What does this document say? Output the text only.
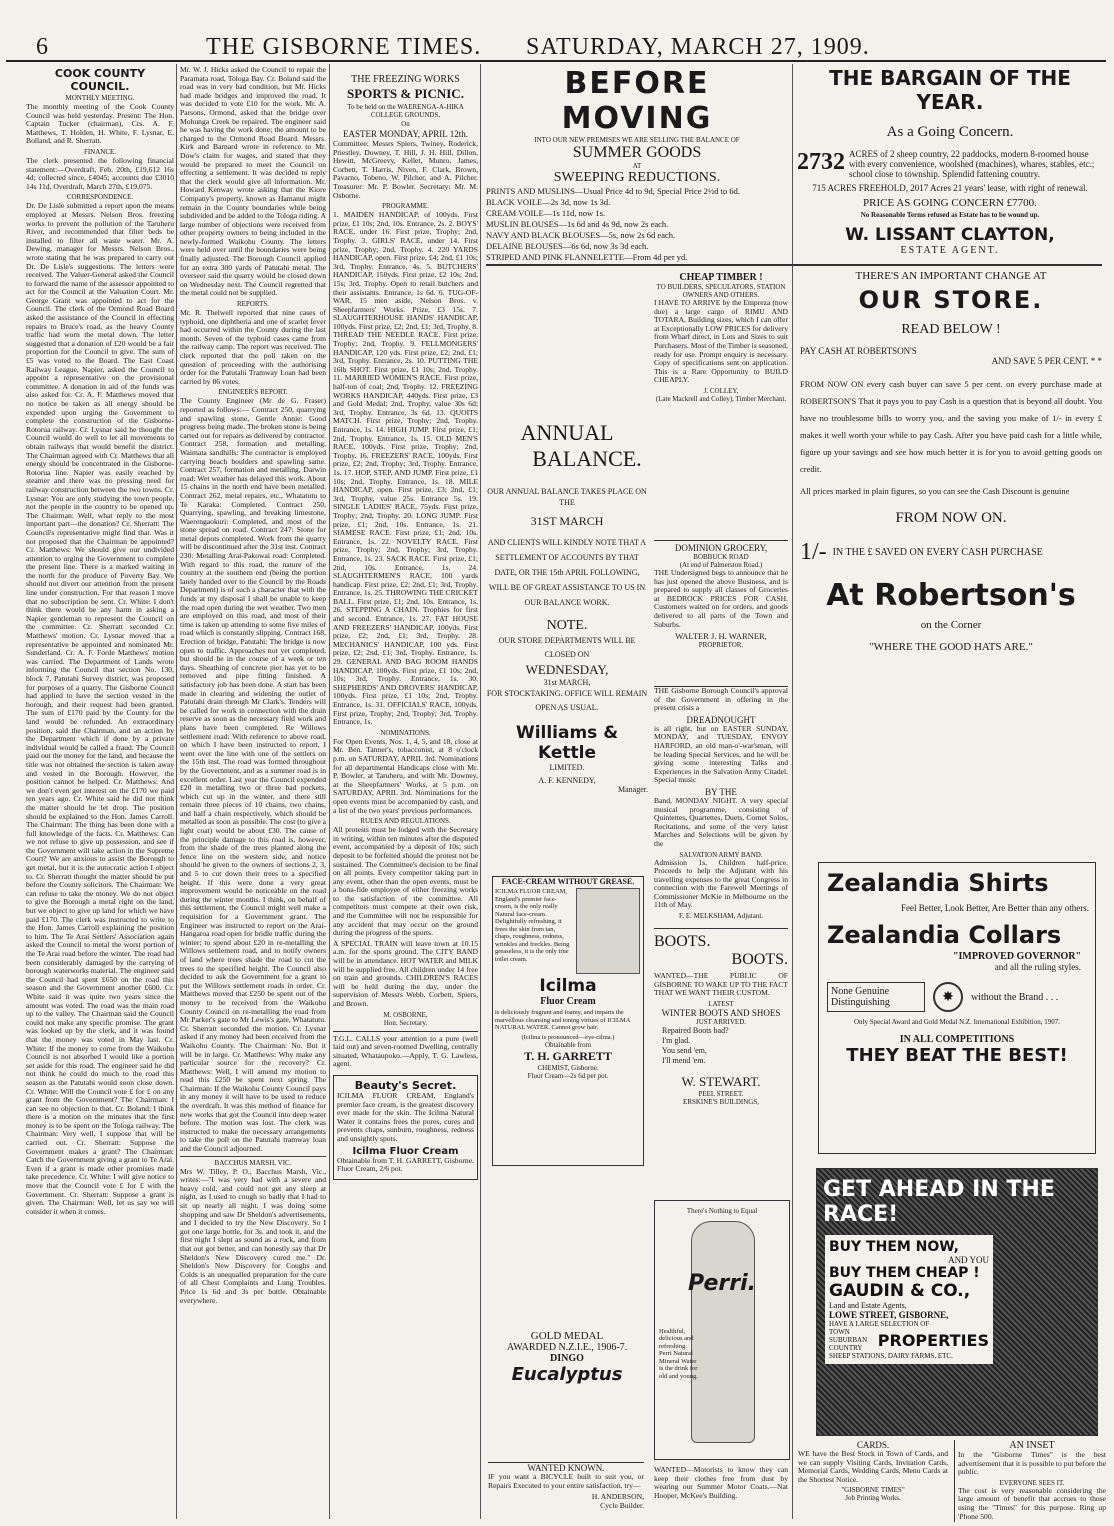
6	THE GISBORNE TIMES. SATURDAY, MARCH 27, 1909.
COOK COUNTY COUNCIL.
MONTHLY MEETING.

The monthly meeting of the Cook County Council was held yesterday. Present: The Hon. Captain Tucker (chairman), Crs. A. F. Matthews, T. Holden, H. White, F. Lysnar, E. Bolland, and R. Sherratt.

FINANCE.

The clerk presented the following financial statement:—Overdraft, Feb. 20th, £19,612 16s 4d; collected since, £4045; accounts due £3010 14s 11d. Overdraft, March 27th, £19,075.

CORRESPONDENCE.

Dr. De Lisle submitted a report upon the means employed at Messrs. Nelson Bros. freezing works to prevent the pollution of the Taruheru River, and recommended that filter beds be installed to filter all waste water. Mr. A. Dewing, manager for Messrs. Nelson Bros., wrote stating that he was prepared to carry out Dr. De Lisle's suggestions. The letters were received. The Valuer-General asked the Council to forward the name of the assessor appointed to act for the Council at the Valuation Court. Mr. George Grant was appointed to act for the Council. The clerk of the Ormond Road Board asked the assistance of the Council in effecting repairs to Bruce's road, as the heavy County traffic had worn the metal down. The letter suggested that a donation of £20 would be a fair proportion for the Council to give. The sum of £5 was voted to the Board. The East Coast Railway League, Napier, asked the Council to appoint a representative on the provisional committee. A donation in aid of the funds was also asked for. Cr. A. F. Matthews moved that no notice be taken as all energy should be expended upon urging the Government to complete the construction of the Gisborne-Rotorua railway. Cr. Lysnar said he thought the Council would do well to let all movements to obtain railways that would benefit the district. The Chairman agreed with Cr. Matthews that all energy should be concentrated in the Gisborne-Rotorua line. Napier was easily reached by steamer and there was no pressing need for railway construction between the two towns. Cr. Lysnar: You are only studying the town people, not the people in the country to be opened up. The Chairman: Well, what reply to the most important part—the donation? Cr. Sherratt: The Council's representative might find that. Was it not proposed that the Chairman be appointed? Cr. Matthews: We should give our undivided attention to urging the Government to complete the present line. There is a marked waiting in the north for the produce of Poverty Bay. We should not divert our attention from the present line under construction. For that reason I move that no subscription be sent. Cr. White: I don't think there would be any harm in asking a Napier gentleman to represent the Council on the committee. Cr. Sherratt seconded Cr. Matthews' motion. Cr. Lysnar moved that a representative be appointed and nominated Mr. Sunderland. Cr. A. F. Forde Matthews' motion was carried. The Department of Lands wrote informing the Council that section No. 130, block 7, Patutahi Survey district, was proposed for purposes of a quarry. The Gisborne Council had applied to have the section vested in the borough, and their request had been granted. The sum of £170 paid by the County for the land would be refunded. An extraordinary position, said the Chairman, and an action by the Department which if done by a private individual would be called a fraud. The Council paid out the money for the land, and because the title was not obtained the section is taken away and vested in the Borough. However, the position cannot be helped. Cr. Matthews: And we don't even get interest on the £170 we paid ten years ago. Cr. White said he did not think the matter should be let drop. The position should be explained to the Hon. James Carroll. The Chairman: The thing has been done with a full knowledge of the facts. Cr. Matthews: Can we not refuse to give up possession, and see if the Government will take action in the Supreme Court? We are anxious to assist the Borough to get metal, but it is the autocratic action I object to. Cr. Sherratt thought the matter should be put before the County solicitors. The Chairman: We can refuse to take the money. We do not object to give the Borough a metal right on the land, but we object to give up land for which we have paid £170. The clerk was instructed to write to the Hon. James Carroll explaining the position to him. The Te Arai Settlers' Association again asked the Council to metal the worst portion of the Te Arai road before the winter. The road had been considerably damaged by the carrying of borough waterworks material. The engineer said the Council had spent £650 on the road this season and the Government another £600. Cr. White said it was quite two years since the amount was voted. The road was the main road up to the valley. The Chairman said the Council could not make any specific promise. The grant was looked up by the clerk, and it was found that the money was voted in May last. Cr. White: If the money to come from the Waikohu Council is not absorbed I would like a portion set aside for this road. The engineer said he did not think he could do much to the road this season as the Patutahi would soon close down. Cr. White: Will the Council vote £ for £ on any grant from the Government? The Chairman: I can see no objection to that. Cr. Boland: I think there is a motion on the minutes that the first money is to be spent on the Tologa railway. The Chairman: Very well, I suppose that will be carried out. Cr. Sherratt: Suppose the Government makes a grant? The Chairman: Catch the Government giving a grant to Te Arai. Even if a grant is made other promises made take precedence. Cr. White: I will give notice to move that the Council vote £ for £ with the Government. Cr. Sherratt: Suppose a grant is given. The Chairman: Well, let us say we will consider it when it comes.

Mr. W. J. Hicks asked the Council to repair the Paramata road, Tologa Bay. Cr. Boland said the road was in very bad condition, but Mr. Hicks had made bridges and improved the road. It was decided to vote £10 for the work. Mr. A. Parsons, Ormond, asked that the bridge over Mohunga Creek be repaired. The engineer said he was having the work done; the amount to be charged to the Ormond Road Board. Messrs. Kirk and Barnard wrote in reference to Mr. Dow's claim for wages, and stated that they would be prepared to meet the Council on effecting a settlement. It was decided to reply that the clerk would give all information. Mr. Howard Kenway wrote asking that the Kiore Company's property, known as Hamanui might remain in the County boundaries while being subdivided and be added to the Tologa riding. A large number of objections were received from other property owners to being included in the newly-formed Waikohu County. The letters were held over until the boundaries were being finally adjusted. The Borough Council applied for an extra 300 yards of Patutahi metal. The overseer said the quarry would be closed down on Wednesday next. The Council regretted that the metal could not be supplied.

REPORTS.

Mr. R. Thelwell reported that nine cases of typhoid, one diphtheria and one of scarlet fever had occurred within the County during the last month. Seven of the typhoid cases came from the railway camp. The report was received. The clerk reported that the poll taken on the question of proceeding with the authorising order for the Patutahi Tramway Loan had been carried by 86 votes.

ENGINEER'S REPORT.

The County Engineer (Mr de G. Fraser) reported as follows:— Contract 250, quarrying and spawling stone, Gentle Annie: Good progress being made. The broken stone is being carted out for repairs as delivered by contractor. Contract 258, formation and metalling, Waimata sandhills: The contractor is employed carrying beach boulders and spawling same. Contract 257, formation and metalling, Darwin road: Wet weather has delayed this work. About 15 chains in the north end have been metalled. Contract 262, metal repairs, etc., Whatatutu to Te Karaka: Completed. Contract 250, Quarrying, spawling, and breaking limestone, Waerengaokuri: Completed, and most of the stone spread on road. Contract 247: Stone for metal depots completed. Work from the quarry will be discontinued after the 31st inst. Contract 230: Metalling Arai-Pakowai road: Completed. With regard to this road, the nature of the country at the southern end (being the portion lately handed over to the Council by the Roads Department) is of such a character that with the funds at my disposal I shall be unable to keep the road open during the wet weather. Two men are employed on this road, and most of their time is taken up attending to some five miles of road which is constantly slipping. Contract 168, Erection of bridge, Patutahi: The bridge is now open to traffic. Approaches not yet completed, but should be in the course of a week or ten days. Sheathing of concrete pier has yet to be removed and pipe fitting finished. A satisfactory job has been done. A start has been made in clearing and widening the outlet of Patutahi drain through Mr Clark's. Tenders will be called for work in connection with the drain reserve as soon as the necessary field work and plans have been completed. Re Willows settlement road: With reference to above road, on which I have been instructed to report, I went over the line with one of the settlers on the 15th inst. The road was formed throughout by the Government, and as a summer road is in excellent order. Last year the Council expended £20 in metalling two or three bad pockets, which cut up in the winter, and there still remain three pieces of 10 chains, two chains, and half a chain respectively, which should be metalled as soon as possible. The cost (to give a light coat) would be about £30. The cause of the principle damage to this road is, however, from the shade of the trees planted along the fence line on the western side, and notice should be given to the owners of sections 2, 3, and 5 to cut down their trees to a specified height. If this were done a very great improvement would be noticeable on the road during the winter months. I think, on behalf of this settlement, the Council might well make a requisition for a Government grant. The Engineer was instructed to report on the Arai-Hangaroa road open for bridle traffic during the winter; to spend about £20 in re-metalling the Willows settlement road, and to notify owners of land where trees shade the road to cut the trees to the specified height. The Council also decided to ask the Government for a grant to put the Willows settlement roads in order. Cr. Matthews moved that £250 be spent out of the money to be received from the Waikohu County Council on re-metalling the road from Mr Parker's gate to Mr Lewis's gate, Whatatutu. Cr. Sherratt seconded the motion. Cr. Lysnar asked if any money had been received from the Waikohu County. The Chairman: No. But it will be in large. Cr. Matthews: Why make any particular source for the recovery? Cr. Matthews: Well, I will amend my motion to read this £250 be spent next spring. The Chairman: If the Waikohu County Council pays in any money it will have to be used to reduce the overdraft. It was this method of finance for new works that got the Council into deep water before. The motion was lost. The clerk was instructed to make the necessary arrangements to take the poll on the Patutahi tramway loan and the Council adjourned.

BACCHUS MARSH, VIC.

Mrs W. Tilley, P. O., Bacchus Marsh, Vic., writes:—"I was very bad with a severe and heavy cold, and could not get any sleep at night, as I used to cough so badly that I had to sit up nearly all night. I was doing some shopping and saw Dr Sheldon's advertisements, and I decided to try the New Discovery. So I got one large bottle, for 3s. and took it, and the first night I slept as sound as a rock, and from that out got better, and can honestly say that Dr Sheldon's New Discovery cured me." Dr. Sheldon's New Discovery for Coughs and Colds is an unequalled preparation for the cure of all Chest Complaints and Lung Troubles. Price 1s 6d and 3s per bottle. Obtainable everywhere.

THE FREEZING WORKS
SPORTS & PICNIC.
To be held on the WAERENGA-A-HIKA COLLEGE GROUNDS,
On
EASTER MONDAY, APRIL 12th.

Committee: Messrs Spiers, Twiney, Roderick, Priestley, Downey, T. Hill, J. H. Hill, Dillon, Hewitt, McGreevy, Kellet, Munro, James, Corbett, T. Harris, Niven, F. Clark, Brown, Pavarno, Tobeno, W. Pilcher, and A. Pilcher. Treasurer: Mr. P. Bowler. Secretary: Mr. M. Osborne.

PROGRAMME.

1. MAIDEN HANDICAP, of 100yds. First prize, £1 10s; 2nd, 10s. Entrance, 2s. 2. BOYS' RACE, under 16. First prize, Trophy; 2nd, Trophy. 3. GIRLS' RACE, under 14. First prize, Trophy; 2nd, Trophy. 4. 220 YARDS HANDICAP, open. First prize, £4; 2nd, £1 10s; 3rd, Trophy. Entrance, 4s. 5. BUTCHERS' HANDICAP, 150yds. First prize, £2 10s; 2nd, 15s; 3rd, Trophy. Open to retail butchers and their assistants. Entrance, 1s 6d. 6. TUG-OF-WAR, 15 men aside, Nelson Bros. v. Sheepfarmers' Works. Prize, £3 15s. 7. SLAUGHTERHOUSE HANDS' HANDICAP, 100yds. First prize, £2; 2nd, £1; 3rd, Trophy. 8. THREAD THE NEEDLE RACE. First prize, Trophy; 2nd, Trophy. 9. FELLMONGERS' HANDICAP, 120 yds. First prize, £2; 2nd, £1; 3rd, Trophy. Entrance, 2s. 10. PUTTING THE 16lb SHOT. First prize, £1 10s; 2nd, Trophy. 11. MARRIED WOMEN'S RACE. First prize, half-ton of coal; 2nd, Trophy. 12. FREEZING WORKS HANDICAP, 440yds. First prize, £3 and Gold Medal; 2nd, Trophy, value 30s 6d; 3rd, Trophy. Entrance, 3s 6d. 13. QUOITS MATCH. First prize, Trophy; 2nd, Trophy. Entrance, 1s. 14. HIGH JUMP. First prize, £1; 2nd, Trophy. Entrance, 1s. 15. OLD MEN'S RACE, 100yds. First prize, Trophy; 2nd, Trophy. 16. FREEZERS' RACE, 100yds. First prize, £2; 2nd, Trophy; 3rd, Trophy. Entrance, 1s. 17. HOP, STEP, AND JUMP. First prize, £1 10s; 2nd, Trophy. Entrance, 1s. 18. MILE HANDICAP, open. First prize, £3; 2nd, £1; 3rd, Trophy, value 25s. Entrance 5s. 19. SINGLE LADIES' RACE, 75yds. First prize, Trophy; 2nd, Trophy. 20. LONG JUMP. First prize, £1; 2nd, 10s. Entrance, 1s. 21. SIAMESE RACE. First prize, £1; 2nd, 10s. Entrance, 1s. 22. NOVELTY RACE. First prize, Trophy; 2nd, Trophy; 3rd, Trophy. Entrance, 1s. 23. SACK RACE. First prize, £1; 2nd, 10s. Entrance, 1s. 24. SLAUGHTERMEN'S RACE, 100 yards handicap. First prize, £2; 2nd, £1; 3rd, Trophy. Entrance, 1s. 25. THROWING THE CRICKET BALL. First prize, £1; 2nd, 10s. Entrance, 1s. 26. STEPPING A CHAIN. Trophies for first and second. Entrance, 1s. 27. FAT HOUSE AND FREEZERS' HANDICAP, 100yds. First prize, £2; 2nd, £1; 3rd, Trophy. 28. MECHANICS' HANDICAP, 100 yds. First prize, £2; 2nd, £1; 3rd, Trophy. Entrance, 1s. 29. GENERAL AND BAG ROOM HANDS HANDICAP, 100yds. First prize, £1 10s; 2nd, 10s; 3rd, Trophy. Entrance, 1s. 30. SHEPHERDS' AND DROVERS' HANDICAP, 100yds. First prize, £1 10s; 2nd, Trophy. Entrance, 1s. 31. OFFICIALS' RACE, 100yds. First prize, Trophy; 2nd, Trophy; 3rd, Trophy. Entrance, 1s.

NOMINATIONS.

For Open Events, Nos. 1, 4, 5, and 18, close at Mr. Ben. Tanner's, tobacconist, at 8 o'clock p.m. on SATURDAY, APRIL 3rd. Nominations for all departmental Handicaps close with Mr. P. Bowler, at Taruheru, and with Mr. Downey, at the Sheepfarmers' Works, at 5 p.m. on SATURDAY, APRIL 3rd. Nominations for the open events must be accompanied by cash, and a list of the two years' previous performances.

RULES AND REGULATIONS.

All protests must be lodged with the Secretary in writing, within ten minutes after the disputed event, accompanied by a deposit of 10s; such deposit to be forfeited should the protest not be sustained. The Committee's decision to be final on all points. Every competitor taking part in any event, other than the open events, must be a bona-fide employee of either freezing works to the satisfaction of the committee. All competitors must compete at their own risk, and the Committee will not be responsible for any accident that may occur on the ground during the progress of the sports.

A SPECIAL TRAIN will leave town at 10.15 a.m. for the sports ground. The CITY BAND will be in attendance. HOT WATER and MILK will be supplied free. All children under 14 free on train and grounds. CHILDREN'S RACES will be held during the day, under the supervision of Messrs Webb, Corbett, Spiers, and Brown.

M. OSBORNE,
Hon. Secretary.

T.G.L. CALLS your attention to a pure (well laid out) and seven-roomed Dwelling, centrally situated, Whataupoko.—Apply, T. G. Lawless, agent.

Beauty's Secret.

ICILMA FLUOR CREAM, England's premier face cream, is the greatest discovery ever made for the skin. The Icilma Natural Water it contains frees the pores, cures and prevents chaps, sunburn, roughness, redness and unsightly spots.

Icilma Fluor Cream

Obtainable from T. H. GARRETT, Gisborne. Fluor Cream, 2/6 pot.

BEFORE MOVING
INTO OUR NEW PREMISES WE ARE SELLING THE BALANCE OF
SUMMER GOODS
AT
SWEEPING REDUCTIONS.
PRINTS AND MUSLINS—Usual Price 4d to 9d, Special Price 2½d to 6d.
BLACK VOILE—2s 3d, now 1s 3d.
CREAM VOILE—1s 11d, now 1s.
MUSLIN BLOUSES—1s 6d and 4s 9d, now 2s each.
NAVY AND BLACK BLOUSES—5s, now 2s 6d each.
DELAINE BLOUSES—6s 6d, now 3s 3d each.
STRIPED AND PINK FLANNELETTE—From 4d per yd.
THE BARGAIN OF THE YEAR.
As a Going Concern.
2732 ACRES of 2 sheep country, 22 paddocks, modern 8-roomed house with every convenience, woolshed (machines), whares, stables, etc.; school close to township. Splendid fattening country.
715 ACRES FREEHOLD, 2017 Acres 21 years' lease, with right of renewal.
PRICE AS GOING CONCERN £7700.
No Reasonable Terms refused as Estate has to be wound up.
W. LISSANT CLAYTON,
ESTATE AGENT.
ANNUAL
BALANCE.
OUR ANNUAL BALANCE TAKES PLACE ON THE
31ST MARCH
AND CLIENTS WILL KINDLY NOTE THAT A SETTLEMENT OF ACCOUNTS BY THAT DATE, OR THE 15th APRIL FOLLOWING, WILL BE OF GREAT ASSISTANCE TO US IN OUR BALANCE WORK.
NOTE.
OUR STORE DEPARTMENTS WILL BE CLOSED ON
WEDNESDAY,
31st MARCH,
FOR STOCKTAKING. OFFICE WILL REMAIN OPEN AS USUAL.
Williams & Kettle
LIMITED.
A. F. KENNEDY,
Manager.
FACE-CREAM WITHOUT GREASE.

ICILMA FLUOR CREAM, England's premier face-cream, is the only really Natural face-cream. Delightfully refreshing, it frees the skin from tan, chaps, roughness, redness, wrinkles and freckles. Being greaseless, it is the only true toilet cream.

Icilma
Fluor Cream

is deliciously fragrant and foamy, and imparts the marvellous cleansing and toning virtues of ICILMA NATURAL WATER. Cannot grow hair.

(Icilma is pronounced—eye-cilma.)
Obtainable from
T. H. GARRETT
CHEMIST, Gisborne.
Fluor Cream—2s 6d per pot.
GOLD MEDAL
AWARDED N.Z.I.E., 1906-7.
DINGO
Eucalyptus
WANTED KNOWN.

IF you want a BICYCLE built to suit you, or Repairs Executed to your entire satisfaction, try—

H. ANDERSON,
Cycle Builder.
CHEAP TIMBER !
TO BUILDERS, SPECULATORS, STATION OWNERS AND OTHERS.

I HAVE TO ARRIVE by the Empreza (now due) a large cargo of RIMU AND TOTARA, Building sizes, which I can offer at Exceptionally LOW PRICES for delivery from Wharf direct, in Lots and Sizes to suit Purchasers. Most of the Timber is seasoned, ready for use. Prompt enquiry is necessary. Copy of specifications sent on application. This is a Rare Opportunity to BUILD CHEAPLY.

J. COLLEY,
(Late Mackrell and Colley), Timber Merchant.
DOMINION GROCERY,
BOBBUCK ROAD
(At end of Palmerston Road.)

THE Undersigned begs to announce that he has just opened the above Business, and is prepared to supply all classes of Groceries at BEDROCK PRICES FOR CASH. Customers waited on for orders, and goods delivered to all parts of the Town and Suburbs.

WALTER J. H. WARNER,
PROPRIETOR.

THE Gisborne Borough Council's approval of the Government in offering in the present crisis a

DREADNOUGHT

is all right, but on EASTER SUNDAY, MONDAY, and TUESDAY, ENVOY HARFORD, an old man-o'-war'sman, will be leading Special Services, and he will be giving some interesting Talks and Experiences in the Salvation Army Citadel. Special music

BY THE

Band, MONDAY NIGHT. A very special musical programme, consisting of Quintettes, Quartettes, Duets, Cornet Solos, Recitations, and some of the very latest Marches and Selections will be given by the

SALVATION ARMY BAND.

Admission 1s, Children half-price. Proceeds to help the Adjutant with his travelling expenses to the great Congress in connection with the Farewell Meetings of Commissioner McKie in Melbourne on the 11th of May.

F. E. MELKSHAM, Adjutant.
BOOTS.
BOOTS.

WANTED—THE PUBLIC OF GISBORNE TO WAKE UP TO THE FACT THAT WE WANT THEIR CUSTOM.

LATEST
WINTER BOOTS AND SHOES
JUST ARRIVED.
Repaired Boots bad?
I'm glad.
You send 'em,
I'll mend 'em.
W. STEWART.
PEEL STREET.
ERSKINE'S BUILDINGS,
There's Nothing to Equal
Perri.

Healthful, delicious and refreshing. Perri Natural Mineral Water is the drink for old and young.

WANTED—Motorists to know they can keep their clothes free from dust by wearing our Summer Motor Coats.—Nat Hooper, McKee's Building.

THERE'S AN IMPORTANT CHANGE AT
OUR STORE.
READ BELOW !
PAY CASH AT ROBERTSON'S
AND SAVE 5 PER CENT. * *
FROM NOW ON every cash buyer can save 5 per cent. on every purchase made at ROBERTSON'S That it pays you to pay Cash is a question that is beyond all doubt. You have no troublesome bills to worry you, and the saving you make of 1/- in every £ makes it well worth your while to pay Cash. After you have paid cash for a little while, figure up your savings and see how much better it is for you to avoid getting goods on credit.
All prices marked in plain figures, so you can see the Cash Discount is genuine
FROM NOW ON.
1/- IN THE £ SAVED ON EVERY CASH PURCHASE
At Robertson's
on the Corner
"WHERE THE GOOD HATS ARE."
Zealandia Shirts
Feel Better, Look Better, Are Better than any others.
Zealandia Collars
"IMPROVED GOVERNOR"
and all the ruling styles.
None Genuine Distinguishing	✸	without the Brand . . .
Only Special Award and Gold Medal N.Z. International Exhibition, 1907.
IN ALL COMPETITIONS
THEY BEAT THE BEST!
GET AHEAD IN THE RACE!
BUY THEM NOW,
AND YOU
BUY THEM CHEAP !
GAUDIN & CO.,
Land and Estate Agents,
LOWE STREET, GISBORNE,
HAVE A LARGE SELECTION OF
TOWN SUBURBAN COUNTRY PROPERTIES
SHEEP STATIONS, DAIRY FARMS, ETC.
CARDS.

WE have the Best Stock in Town of Cards, and we can supply Visiting Cards, Invitation Cards, Memorial Cards, Wedding Cards, Menu Cards at the Shortest Notice.

"GISBORNE TIMES"
Job Printing Works.
AN INSET

In the "Gisborne Times" is the best advertisement that it is possible to put before the public.

EVERYONE SEES IT.

The cost is very reasonable considering the large amount of benefit that accrues to those using the "Times" for this purpose. Ring up 'Phone 500.
